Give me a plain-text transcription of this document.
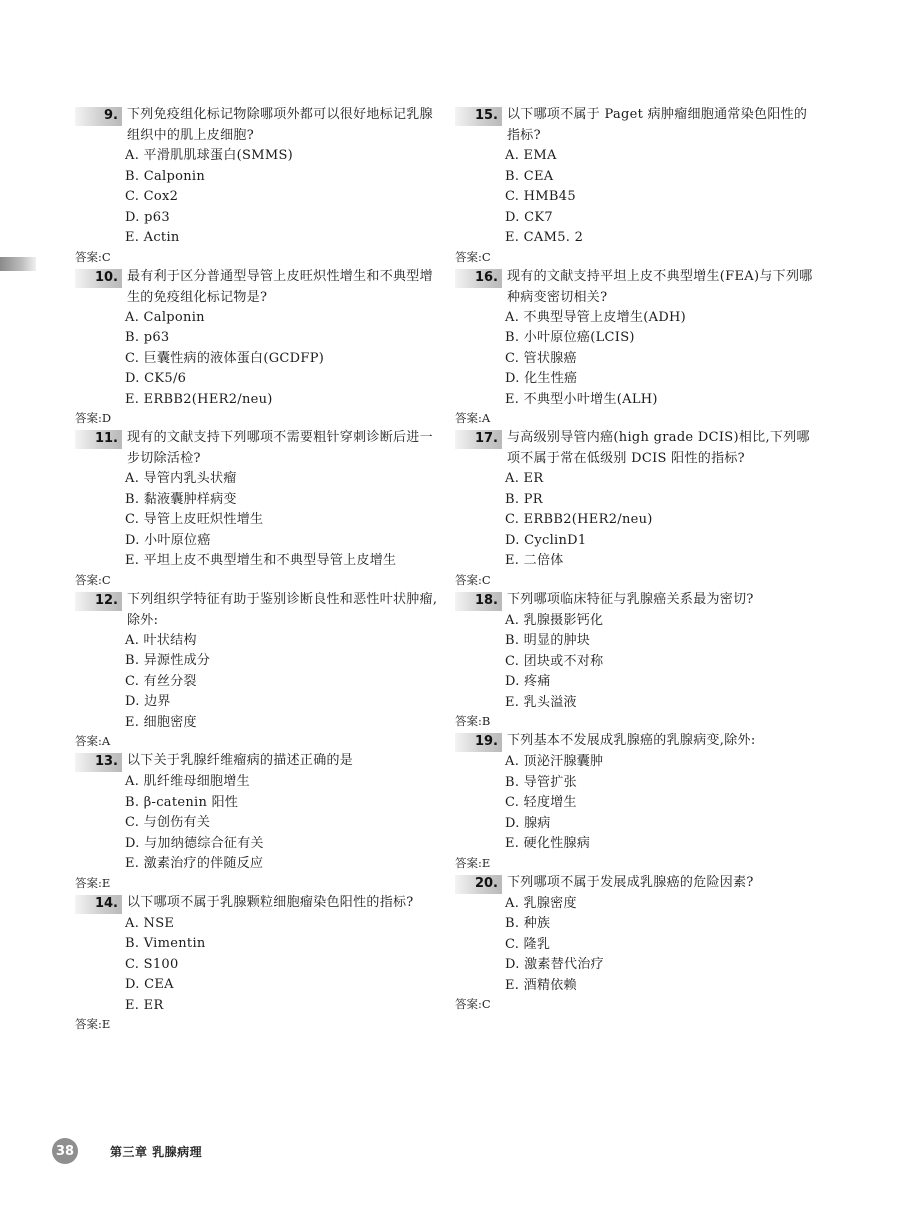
9. 下列免疫组化标记物除哪项外都可以很好地标记乳腺组织中的肌上皮细胞?
A. 平滑肌肌球蛋白(SMMS)
B. Calponin
C. Cox2
D. p63
E. Actin
答案:C
10. 最有利于区分普通型导管上皮旺炽性增生和不典型增生的免疫组化标记物是?
A. Calponin
B. p63
C. 巨囊性病的液体蛋白(GCDFP)
D. CK5/6
E. ERBB2(HER2/neu)
答案:D
11. 现有的文献支持下列哪项不需要粗针穿刺诊断后进一步切除活检?
A. 导管内乳头状瘤
B. 黏液囊肿样病变
C. 导管上皮旺炽性增生
D. 小叶原位癌
E. 平坦上皮不典型增生和不典型导管上皮增生
答案:C
12. 下列组织学特征有助于鉴别诊断良性和恶性叶状肿瘤,除外:
A. 叶状结构
B. 异源性成分
C. 有丝分裂
D. 边界
E. 细胞密度
答案:A
13. 以下关于乳腺纤维瘤病的描述正确的是
A. 肌纤维母细胞增生
B. β-catenin 阳性
C. 与创伤有关
D. 与加纳德综合征有关
E. 激素治疗的伴随反应
答案:E
14. 以下哪项不属于乳腺颗粒细胞瘤染色阳性的指标?
A. NSE
B. Vimentin
C. S100
D. CEA
E. ER
答案:E
15. 以下哪项不属于 Paget 病肿瘤细胞通常染色阳性的指标?
A. EMA
B. CEA
C. HMB45
D. CK7
E. CAM5. 2
答案:C
16. 现有的文献支持平坦上皮不典型增生(FEA)与下列哪种病变密切相关?
A. 不典型导管上皮增生(ADH)
B. 小叶原位癌(LCIS)
C. 管状腺癌
D. 化生性癌
E. 不典型小叶增生(ALH)
答案:A
17. 与高级别导管内癌(high grade DCIS)相比,下列哪项不属于常在低级别 DCIS 阳性的指标?
A. ER
B. PR
C. ERBB2(HER2/neu)
D. CyclinD1
E. 二倍体
答案:C
18. 下列哪项临床特征与乳腺癌关系最为密切?
A. 乳腺摄影钙化
B. 明显的肿块
C. 团块或不对称
D. 疼痛
E. 乳头溢液
答案:B
19. 下列基本不发展成乳腺癌的乳腺病变,除外:
A. 顶泌汗腺囊肿
B. 导管扩张
C. 轻度增生
D. 腺病
E. 硬化性腺病
答案:E
20. 下列哪项不属于发展成乳腺癌的危险因素?
A. 乳腺密度
B. 种族
C. 隆乳
D. 激素替代治疗
E. 酒精依赖
答案:C
38	第三章 乳腺病理
